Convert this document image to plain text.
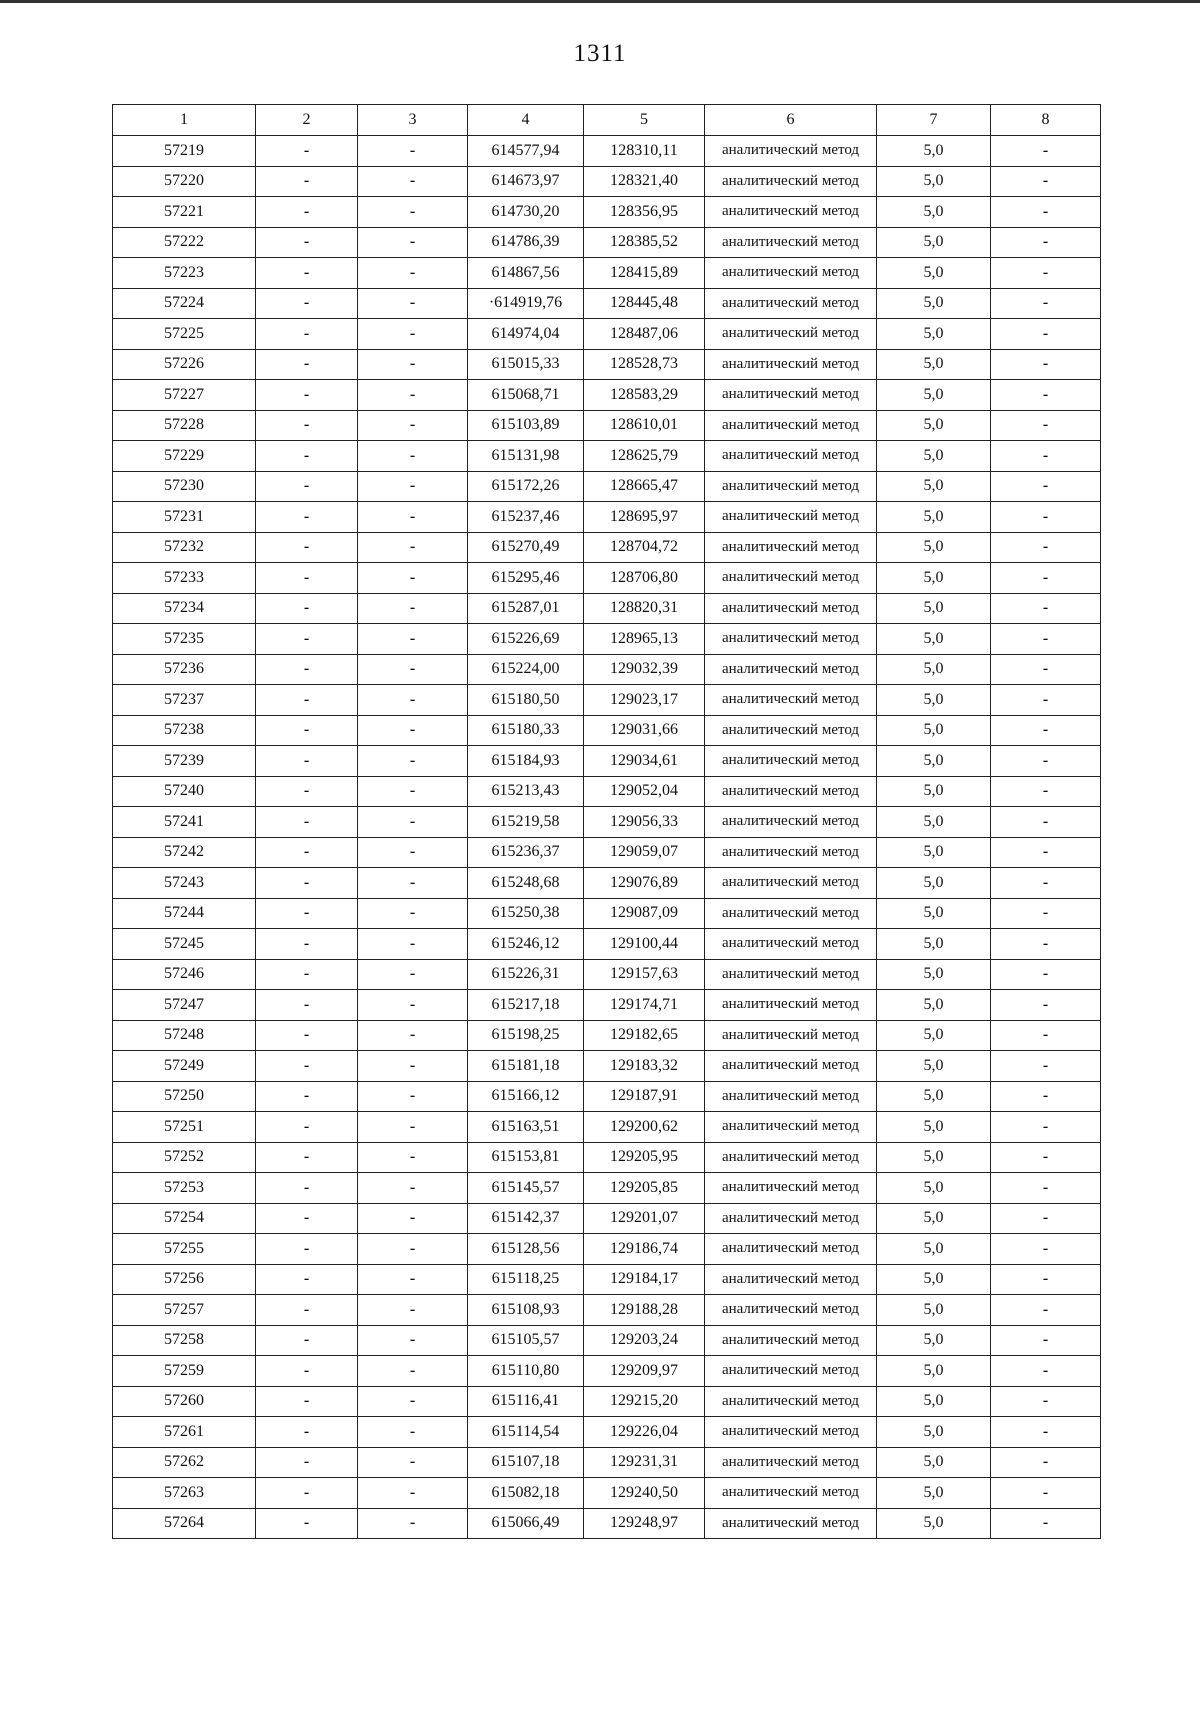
1311
1	2	3	4	5	6	7	8
57219	-	-	614577,94	128310,11	аналитический метод	5,0	-
57220	-	-	614673,97	128321,40	аналитический метод	5,0	-
57221	-	-	614730,20	128356,95	аналитический метод	5,0	-
57222	-	-	614786,39	128385,52	аналитический метод	5,0	-
57223	-	-	614867,56	128415,89	аналитический метод	5,0	-
57224	-	-	·614919,76	128445,48	аналитический метод	5,0	-
57225	-	-	614974,04	128487,06	аналитический метод	5,0	-
57226	-	-	615015,33	128528,73	аналитический метод	5,0	-
57227	-	-	615068,71	128583,29	аналитический метод	5,0	-
57228	-	-	615103,89	128610,01	аналитический метод	5,0	-
57229	-	-	615131,98	128625,79	аналитический метод	5,0	-
57230	-	-	615172,26	128665,47	аналитический метод	5,0	-
57231	-	-	615237,46	128695,97	аналитический метод	5,0	-
57232	-	-	615270,49	128704,72	аналитический метод	5,0	-
57233	-	-	615295,46	128706,80	аналитический метод	5,0	-
57234	-	-	615287,01	128820,31	аналитический метод	5,0	-
57235	-	-	615226,69	128965,13	аналитический метод	5,0	-
57236	-	-	615224,00	129032,39	аналитический метод	5,0	-
57237	-	-	615180,50	129023,17	аналитический метод	5,0	-
57238	-	-	615180,33	129031,66	аналитический метод	5,0	-
57239	-	-	615184,93	129034,61	аналитический метод	5,0	-
57240	-	-	615213,43	129052,04	аналитический метод	5,0	-
57241	-	-	615219,58	129056,33	аналитический метод	5,0	-
57242	-	-	615236,37	129059,07	аналитический метод	5,0	-
57243	-	-	615248,68	129076,89	аналитический метод	5,0	-
57244	-	-	615250,38	129087,09	аналитический метод	5,0	-
57245	-	-	615246,12	129100,44	аналитический метод	5,0	-
57246	-	-	615226,31	129157,63	аналитический метод	5,0	-
57247	-	-	615217,18	129174,71	аналитический метод	5,0	-
57248	-	-	615198,25	129182,65	аналитический метод	5,0	-
57249	-	-	615181,18	129183,32	аналитический метод	5,0	-
57250	-	-	615166,12	129187,91	аналитический метод	5,0	-
57251	-	-	615163,51	129200,62	аналитический метод	5,0	-
57252	-	-	615153,81	129205,95	аналитический метод	5,0	-
57253	-	-	615145,57	129205,85	аналитический метод	5,0	-
57254	-	-	615142,37	129201,07	аналитический метод	5,0	-
57255	-	-	615128,56	129186,74	аналитический метод	5,0	-
57256	-	-	615118,25	129184,17	аналитический метод	5,0	-
57257	-	-	615108,93	129188,28	аналитический метод	5,0	-
57258	-	-	615105,57	129203,24	аналитический метод	5,0	-
57259	-	-	615110,80	129209,97	аналитический метод	5,0	-
57260	-	-	615116,41	129215,20	аналитический метод	5,0	-
57261	-	-	615114,54	129226,04	аналитический метод	5,0	-
57262	-	-	615107,18	129231,31	аналитический метод	5,0	-
57263	-	-	615082,18	129240,50	аналитический метод	5,0	-
57264	-	-	615066,49	129248,97	аналитический метод	5,0	-
